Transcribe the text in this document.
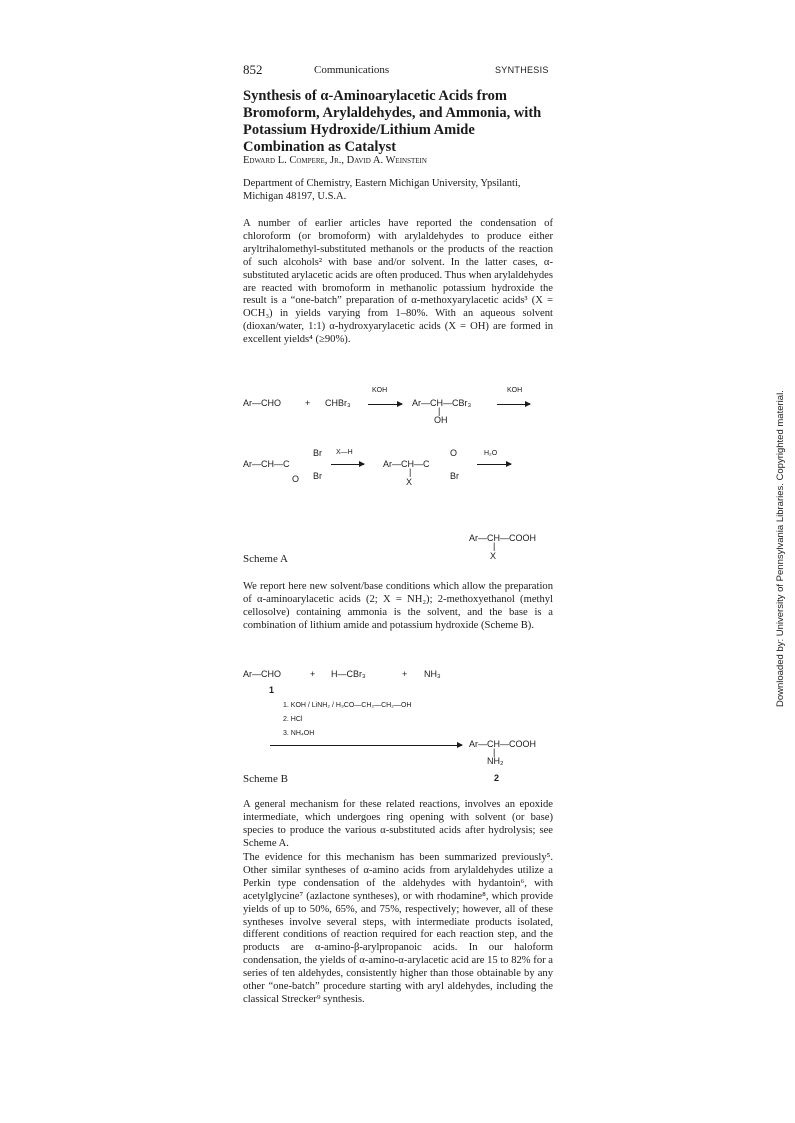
852	Communications	SYNTHESIS
Synthesis of α-Aminoarylacetic Acids from Bromoform, Arylaldehydes, and Ammonia, with Potassium Hydroxide/Lithium Amide Combination as Catalyst
Edward L. Compere, Jr., David A. Weinstein
Department of Chemistry, Eastern Michigan University, Ypsilanti, Michigan 48197, U.S.A.

A number of earlier articles have reported the condensation of chloroform (or bromoform) with arylaldehydes to produce either aryltrihalomethyl-substituted methanols or the products of the reaction of such alcohols² with base and/or solvent. In the latter cases, α-substituted arylacetic acids are often produced. Thus when arylaldehydes are reacted with bromoform in methanolic potassium hydroxide the result is a “one-batch” preparation of α-methoxyarylacetic acids³ (X = OCH₃) in yields varying from 1–80%. With an aqueous solvent (dioxan/water, 1:1) α-hydroxyarylacetic acids (X = OH) are formed in excellent yields⁴ (≥90%).

Ar—CHO	+ CHBr₃
KOH
Ar—CH—CBr₃
|
OH
KOH
Ar—CH—C
Br
Br
O
X—H
Ar—CH—C
O
Br
|
X
H₂O
Ar—CH—COOH
|
X
Scheme A

We report here new solvent/base conditions which allow the preparation of α-aminoarylacetic acids (2; X = NH₂); 2-methoxyethanol (methyl cellosolve) containing ammonia is the solvent, and the base is a combination of lithium amide and potassium hydroxide (Scheme B).

Ar—CHO	+ H—CBr₃	+ NH₃
1
1. KOH / LiNH₂ / H₃CO—CH₂—CH₂—OH
2. HCl
3. NH₄OH
Ar—CH—COOH
|
NH₂
Scheme B	2

A general mechanism for these related reactions, involves an epoxide intermediate, which undergoes ring opening with solvent (or base) species to produce the various α-substituted acids after hydrolysis; see Scheme A.

The evidence for this mechanism has been summarized previously⁵. Other similar syntheses of α-amino acids from arylaldehydes utilize a Perkin type condensation of the aldehydes with hydantoin⁶, with acetylglycine⁷ (azlactone syntheses), or with rhodamine⁸, which provide yields of up to 50%, 65%, and 75%, respectively; however, all of these syntheses involve several steps, with intermediate products isolated, different conditions of reaction required for each reaction step, and the products are α-amino-β-arylpropanoic acids. In our haloform condensation, the yields of α-amino-α-arylacetic acid are 15 to 82% for a series of ten aldehydes, consistently higher than those obtainable by any other “one-batch” procedure starting with aryl aldehydes, including the classical Strecker⁹ synthesis.

Downloaded by: University of Pennsylvania Libraries. Copyrighted material.
